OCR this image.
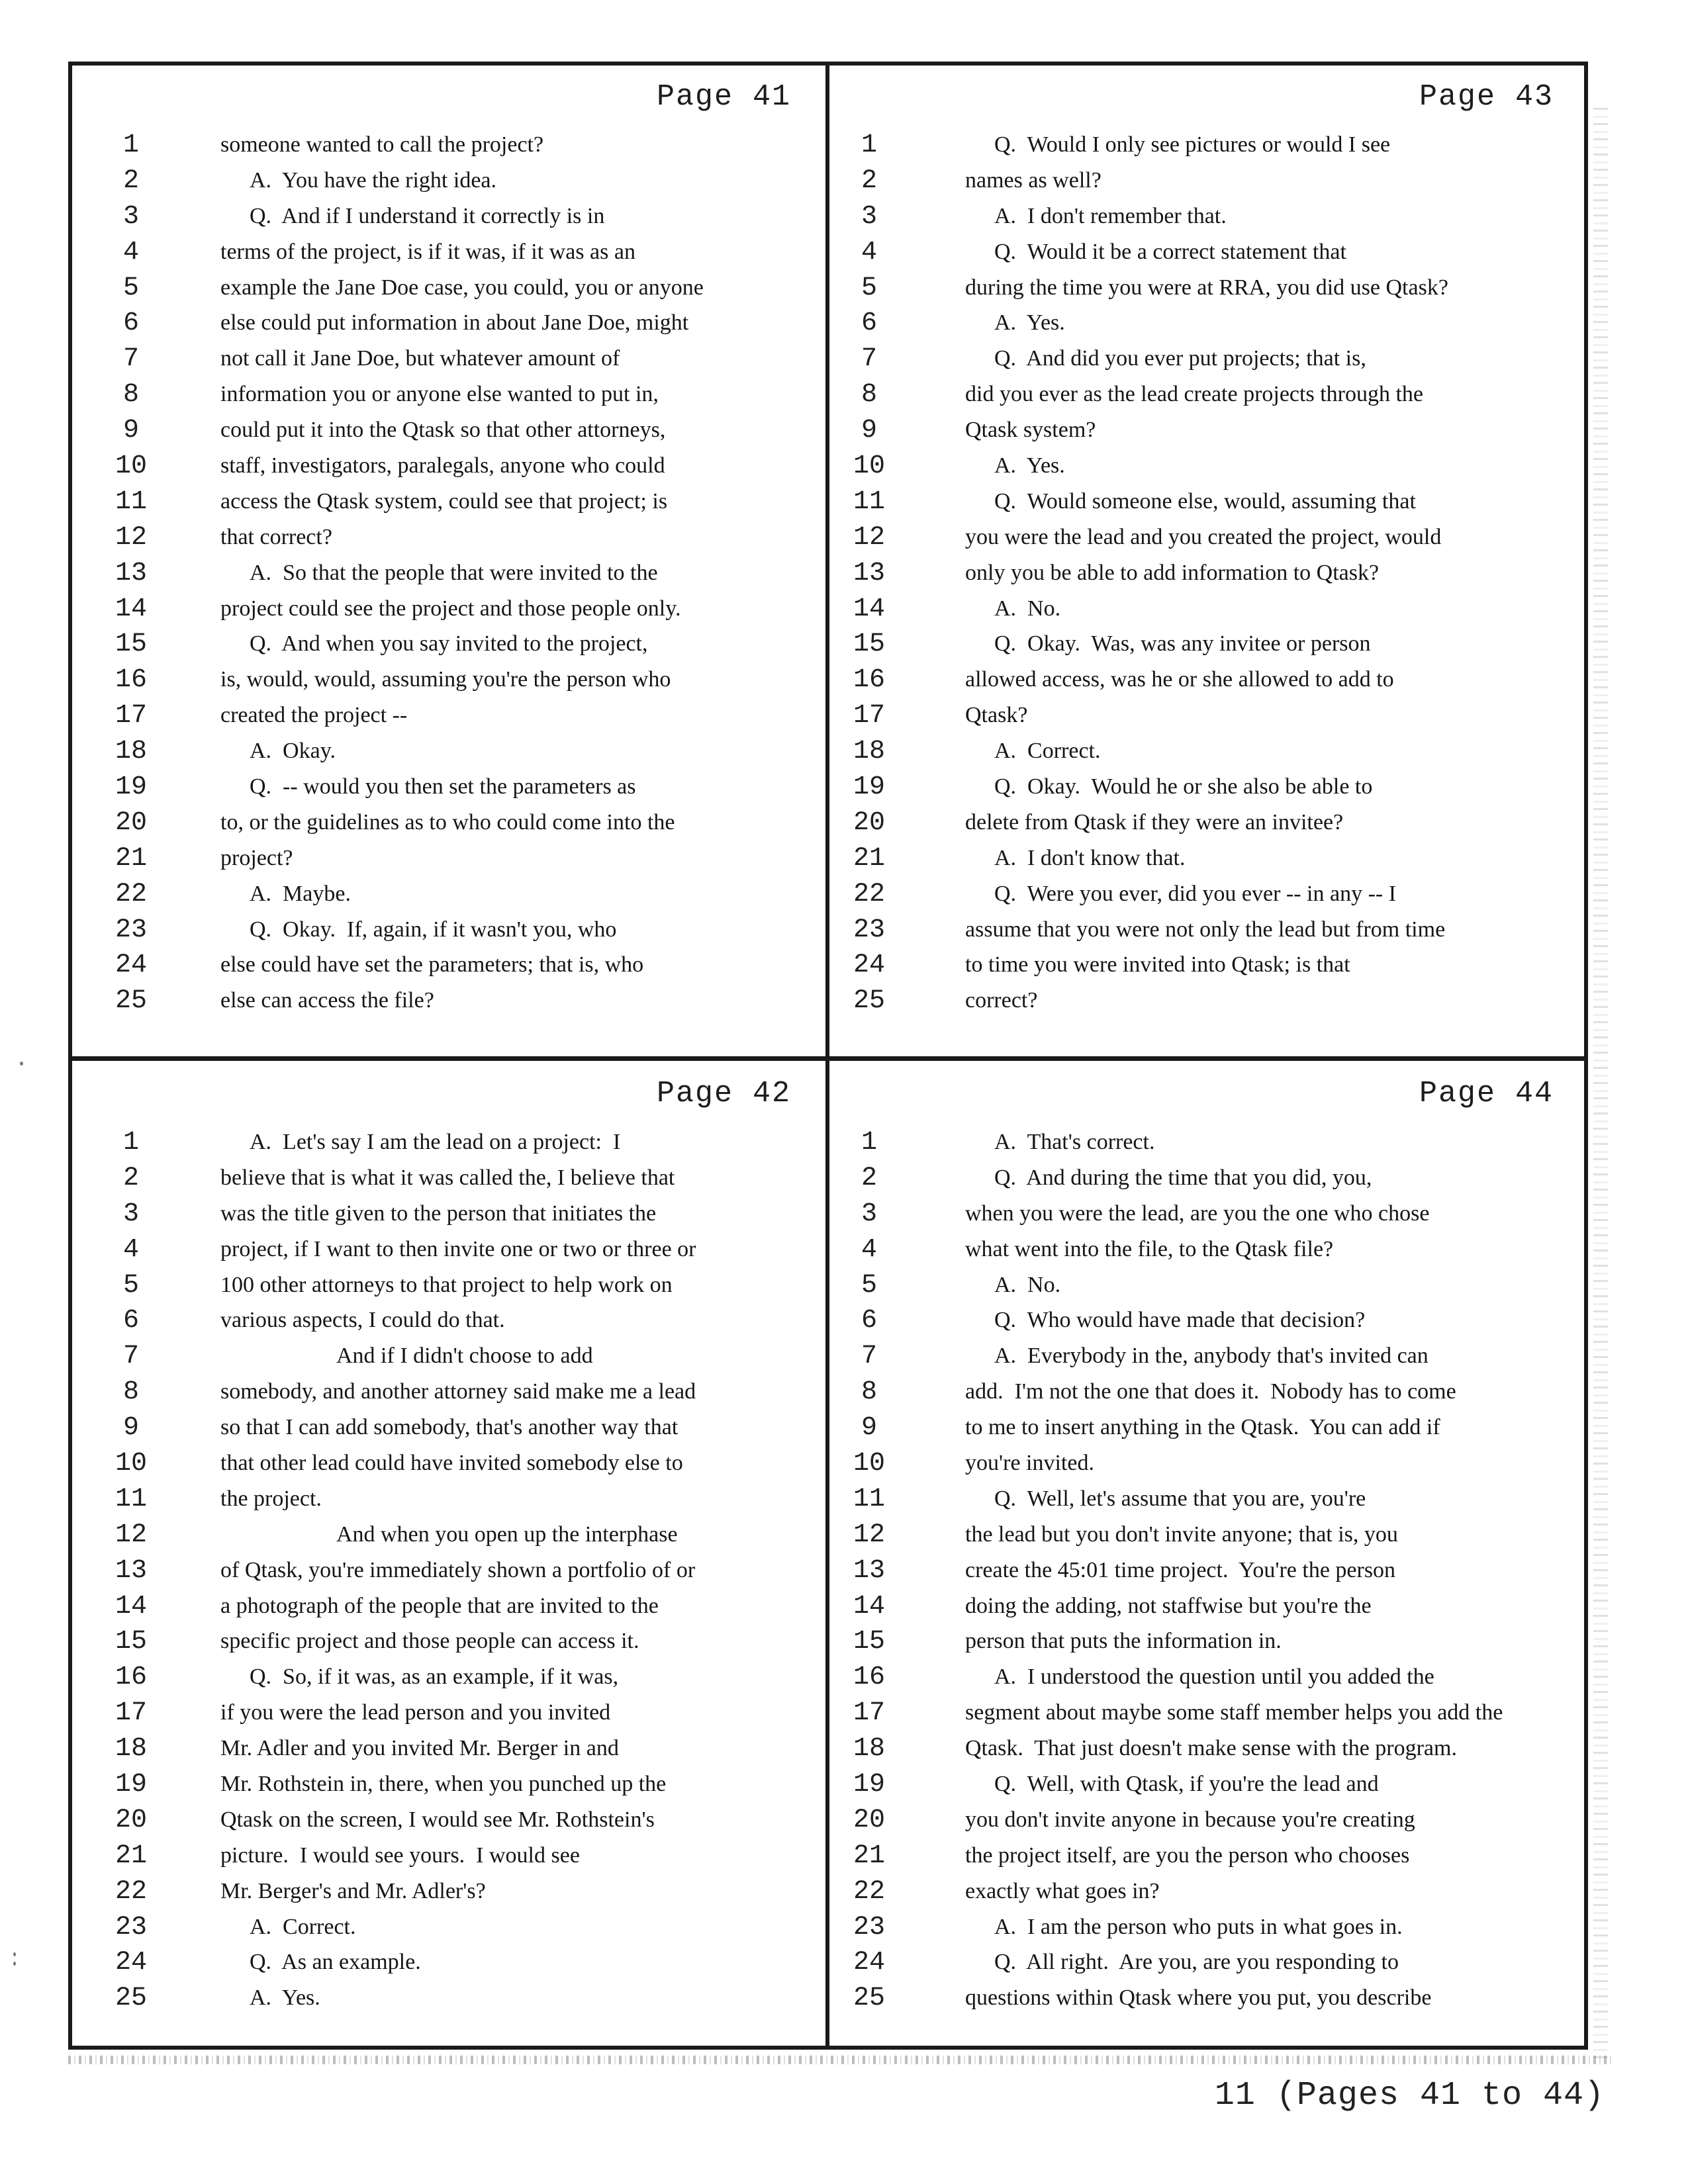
Page 41
1	someone wanted to call the project?
2	A.  You have the right idea.
3	Q.  And if I understand it correctly is in
4	terms of the project, is if it was, if it was as an
5	example the Jane Doe case, you could, you or anyone
6	else could put information in about Jane Doe, might
7	not call it Jane Doe, but whatever amount of
8	information you or anyone else wanted to put in,
9	could put it into the Qtask so that other attorneys,
10	staff, investigators, paralegals, anyone who could
11	access the Qtask system, could see that project; is
12	that correct?
13	A.  So that the people that were invited to the
14	project could see the project and those people only.
15	Q.  And when you say invited to the project,
16	is, would, would, assuming you're the person who
17	created the project --
18	A.  Okay.
19	Q.  -- would you then set the parameters as
20	to, or the guidelines as to who could come into the
21	project?
22	A.  Maybe.
23	Q.  Okay.  If, again, if it wasn't you, who
24	else could have set the parameters; that is, who
25	else can access the file?
Page 43
1	Q.  Would I only see pictures or would I see
2	names as well?
3	A.  I don't remember that.
4	Q.  Would it be a correct statement that
5	during the time you were at RRA, you did use Qtask?
6	A.  Yes.
7	Q.  And did you ever put projects; that is,
8	did you ever as the lead create projects through the
9	Qtask system?
10	A.  Yes.
11	Q.  Would someone else, would, assuming that
12	you were the lead and you created the project, would
13	only you be able to add information to Qtask?
14	A.  No.
15	Q.  Okay.  Was, was any invitee or person
16	allowed access, was he or she allowed to add to
17	Qtask?
18	A.  Correct.
19	Q.  Okay.  Would he or she also be able to
20	delete from Qtask if they were an invitee?
21	A.  I don't know that.
22	Q.  Were you ever, did you ever -- in any -- I
23	assume that you were not only the lead but from time
24	to time you were invited into Qtask; is that
25	correct?
Page 42
1	A.  Let's say I am the lead on a project:  I
2	believe that is what it was called the, I believe that
3	was the title given to the person that initiates the
4	project, if I want to then invite one or two or three or
5	100 other attorneys to that project to help work on
6	various aspects, I could do that.
7	And if I didn't choose to add
8	somebody, and another attorney said make me a lead
9	so that I can add somebody, that's another way that
10	that other lead could have invited somebody else to
11	the project.
12	And when you open up the interphase
13	of Qtask, you're immediately shown a portfolio of or
14	a photograph of the people that are invited to the
15	specific project and those people can access it.
16	Q.  So, if it was, as an example, if it was,
17	if you were the lead person and you invited
18	Mr. Adler and you invited Mr. Berger in and
19	Mr. Rothstein in, there, when you punched up the
20	Qtask on the screen, I would see Mr. Rothstein's
21	picture.  I would see yours.  I would see
22	Mr. Berger's and Mr. Adler's?
23	A.  Correct.
24	Q.  As an example.
25	A.  Yes.
Page 44
1	A.  That's correct.
2	Q.  And during the time that you did, you,
3	when you were the lead, are you the one who chose
4	what went into the file, to the Qtask file?
5	A.  No.
6	Q.  Who would have made that decision?
7	A.  Everybody in the, anybody that's invited can
8	add.  I'm not the one that does it.  Nobody has to come
9	to me to insert anything in the Qtask.  You can add if
10	you're invited.
11	Q.  Well, let's assume that you are, you're
12	the lead but you don't invite anyone; that is, you
13	create the 45:01 time project.  You're the person
14	doing the adding, not staffwise but you're the
15	person that puts the information in.
16	A.  I understood the question until you added the
17	segment about maybe some staff member helps you add the
18	Qtask.  That just doesn't make sense with the program.
19	Q.  Well, with Qtask, if you're the lead and
20	you don't invite anyone in because you're creating
21	the project itself, are you the person who chooses
22	exactly what goes in?
23	A.  I am the person who puts in what goes in.
24	Q.  All right.  Are you, are you responding to
25	questions within Qtask where you put, you describe
11 (Pages 41 to 44)
